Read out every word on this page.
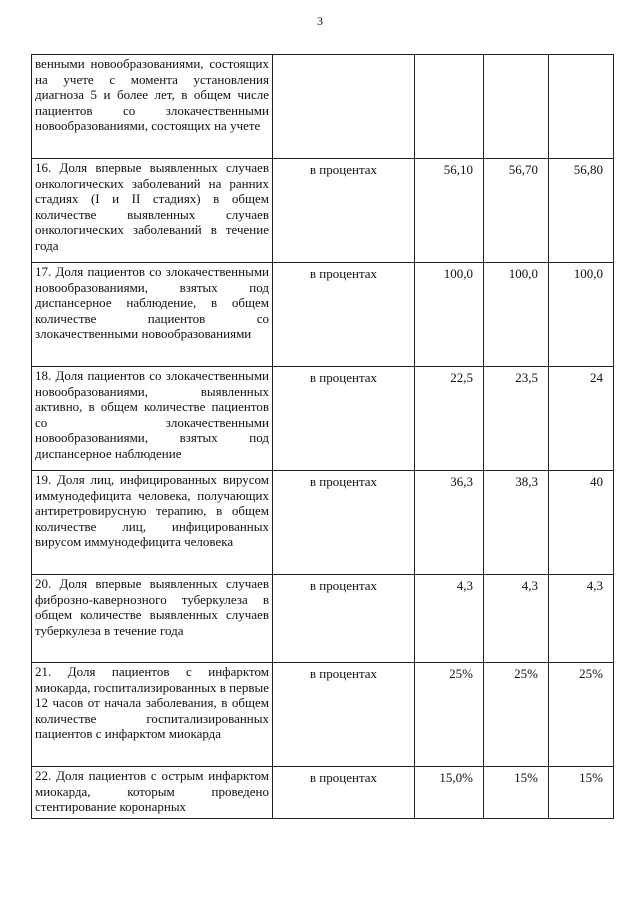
3
венными новообразованиями, состоящих на учете с момента установления диагноза 5 и более лет, в общем числе пациентов со злокачественными новообразованиями, состоящих на учете				
16. Доля впервые выявленных случаев онкологических заболеваний на ранних стадиях (I и II стадиях) в общем количестве выявленных случаев онкологических заболеваний в течение года	в процентах	56,10	56,70	56,80
17. Доля пациентов со злокачественными новообразованиями, взятых под диспансерное наблюдение, в общем количестве пациентов со злокачественными новообразованиями	в процентах	100,0	100,0	100,0
18. Доля пациентов со злокачественными новообразованиями, выявленных активно, в общем количестве пациентов со злокачественными новообразованиями, взятых под диспансерное наблюдение	в процентах	22,5	23,5	24
19. Доля лиц, инфицированных вирусом иммунодефицита человека, получающих антиретровирусную терапию, в общем количестве лиц, инфицированных вирусом иммунодефицита человека	в процентах	36,3	38,3	40
20. Доля впервые выявленных случаев фиброзно-кавернозного туберкулеза в общем количестве выявленных случаев туберкулеза в течение года	в процентах	4,3	4,3	4,3
21. Доля пациентов с инфарктом миокарда, госпитализированных в первые 12 часов от начала заболевания, в общем количестве госпитализированных пациентов с инфарктом миокарда	в процентах	25%	25%	25%
22. Доля пациентов с острым инфарктом миокарда, которым проведено стентирование коронарных	в процентах	15,0%	15%	15%
